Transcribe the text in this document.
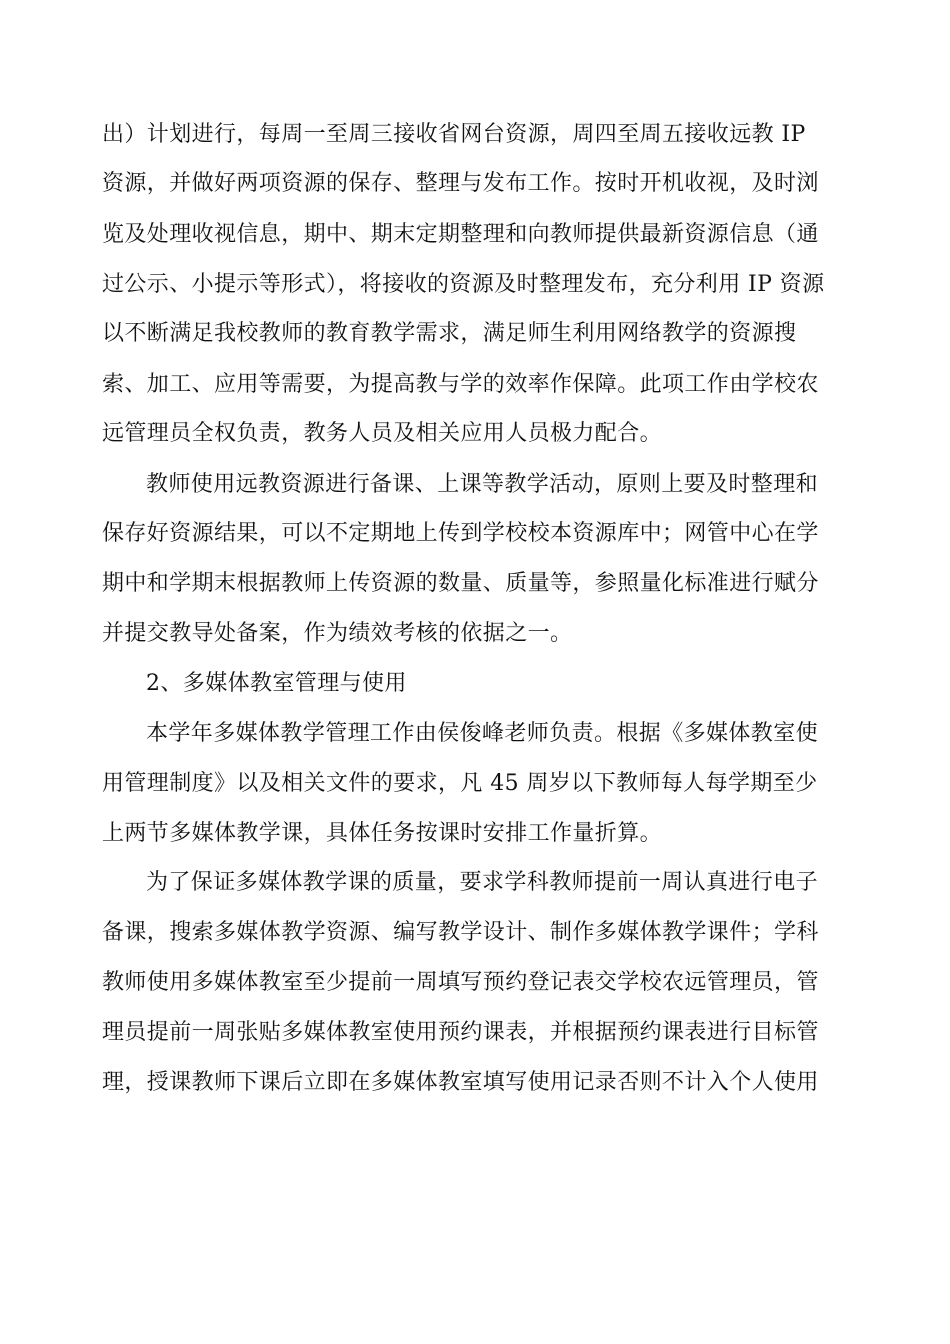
出）计划进行，每周一至周三接收省网台资源，周四至周五接收远教 IP
资源，并做好两项资源的保存、整理与发布工作。按时开机收视，及时浏
览及处理收视信息，期中、期末定期整理和向教师提供最新资源信息（通
过公示、小提示等形式），将接收的资源及时整理发布，充分利用 IP 资源
以不断满足我校教师的教育教学需求，满足师生利用网络教学的资源搜
索、加工、应用等需要，为提高教与学的效率作保障。此项工作由学校农
远管理员全权负责，教务人员及相关应用人员极力配合。
教师使用远教资源进行备课、上课等教学活动，原则上要及时整理和
保存好资源结果，可以不定期地上传到学校校本资源库中；网管中心在学
期中和学期末根据教师上传资源的数量、质量等，参照量化标准进行赋分
并提交教导处备案，作为绩效考核的依据之一。
2、多媒体教室管理与使用
本学年多媒体教学管理工作由侯俊峰老师负责。根据《多媒体教室使
用管理制度》以及相关文件的要求，凡 45 周岁以下教师每人每学期至少
上两节多媒体教学课，具体任务按课时安排工作量折算。
为了保证多媒体教学课的质量，要求学科教师提前一周认真进行电子
备课，搜索多媒体教学资源、编写教学设计、制作多媒体教学课件；学科
教师使用多媒体教室至少提前一周填写预约登记表交学校农远管理员，管
理员提前一周张贴多媒体教室使用预约课表，并根据预约课表进行目标管
理，授课教师下课后立即在多媒体教室填写使用记录否则不计入个人使用
